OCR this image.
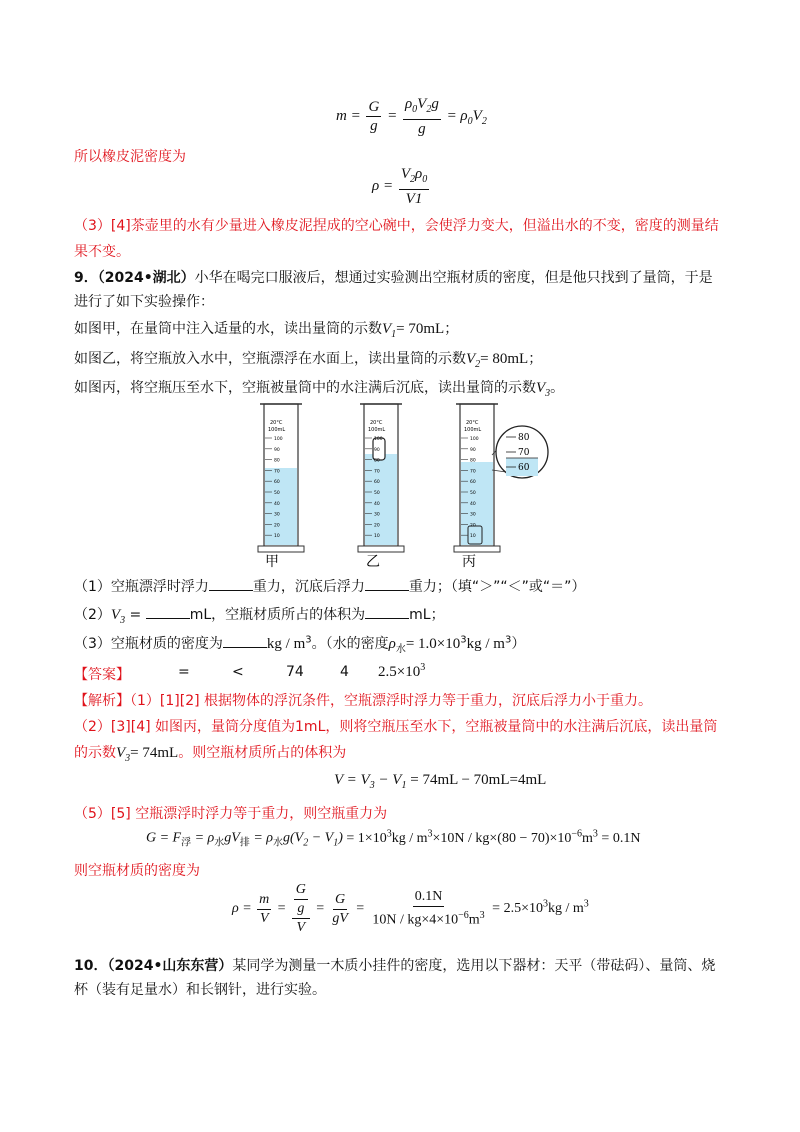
$m = \frac{G}{g} = \frac{\rho_0V_2g}{g} = \rho_0V_2$
所以橡皮泥密度为
$\rho = \frac{V_2\rho_0}{V1}$
（3）[4]茶壶里的水有少量进入橡皮泥捏成的空心碗中，会使浮力变大，但溢出水的不变，密度的测量结
果不变。
9．（2024•湖北）小华在喝完口服液后，想通过实验测出空瓶材质的密度，但是他只找到了量筒，于是
进行了如下实验操作：
如图甲，在量筒中注入适量的水，读出量筒的示数$V_1= 70mL$；
如图乙，将空瓶放入水中，空瓶漂浮在水面上，读出量筒的示数$V_2= 80mL$；
如图丙，将空瓶压至水下，空瓶被量筒中的水注满后沉底，读出量筒的示数$V_3$。
20°C
100mL
20°C
100mL
20°C
100mL
100
90
80
70
60
50
40
30
20
10
100
90
80
70
60
50
40
30
20
10
100
90
80
70
60
50
40
30
20
10
80
70
60
甲	乙	丙
（1）空瓶漂浮时浮力	重力，沉底后浮力	重力；（填“＞”“＜”或“＝”）
$(2)V_3$ =	mL，空瓶材质所占的体积为	mL；
（3）空瓶材质的密度为	kg / $m^3$。（水的密度$\rho_水= 1.0\times 10^3kg / m^3$）
【答案】	=	<	74	4 $2.5\times 10^3$
【解析】（1）[1][2] 根据物体的浮沉条件，空瓶漂浮时浮力等于重力，沉底后浮力小于重力。
（2）[3][4] 如图丙，量筒分度值为1mL，则将空瓶压至水下，空瓶被量筒中的水注满后沉底，读出量筒
的示数$V_3= 74mL$。则空瓶材质所占的体积为
$V = V_3 - V_1 = 74mL - 70mL=4mL$
（5）[5] 空瓶漂浮时浮力等于重力，则空瓶重力为
$G = F_浮 = \rho_水gV_排 = \rho_水g(V_2 - V_1) = 1\times 10^3kg / m^3\times 10N / kg\times(80 - 70)\times 10^{-6}m^3 = 0.1N$
则空瓶材质的密度为
$\rho = \frac{m}{V} = \frac{\frac{G}{g}}{V} = \frac{G}{gV} = \frac{0.1N}{10N / kg\times 4\times 10^{-6}m^3} = 2.5\times 10^3kg / m^3$
10．（2024•山东东营）某同学为测量一木质小挂件的密度，选用以下器材：天平（带砝码）、量筒、烧
杯（装有足量水）和长钢针，进行实验。
